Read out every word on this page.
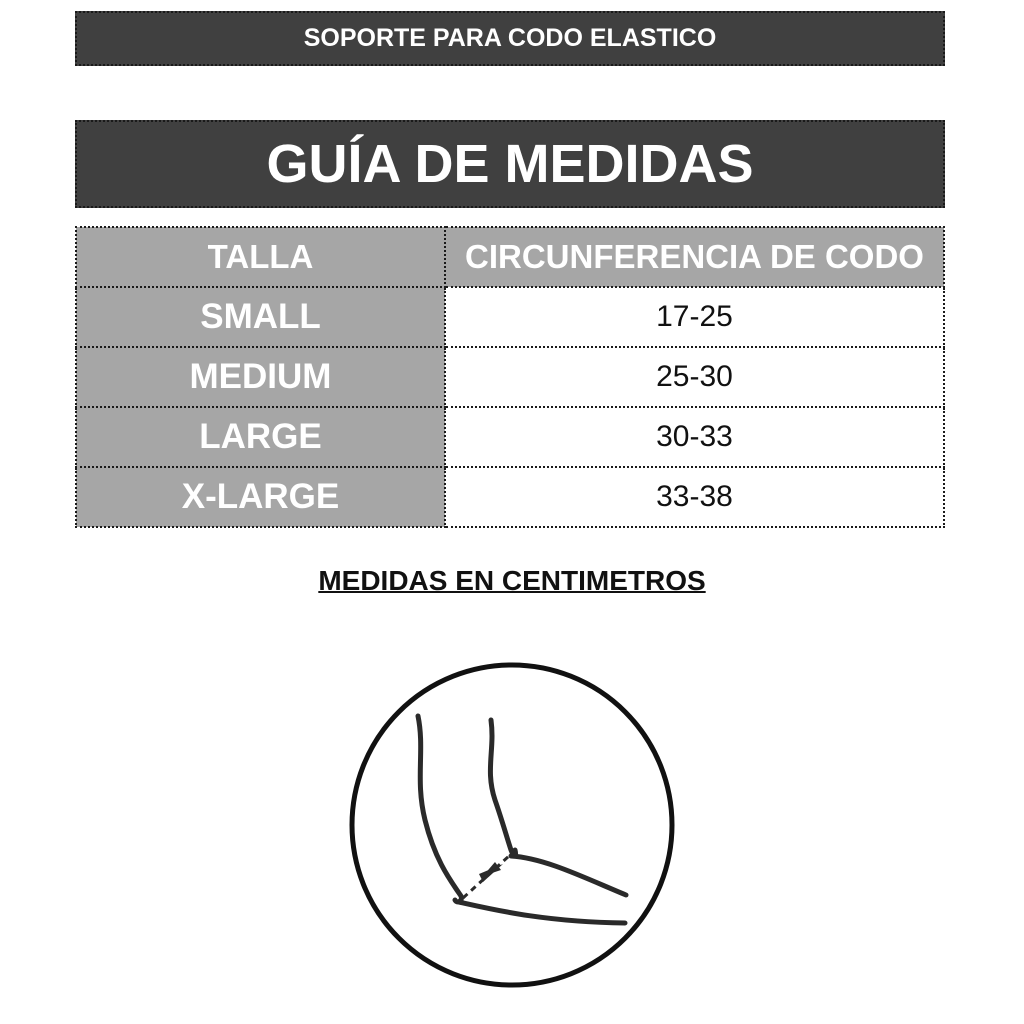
SOPORTE PARA CODO ELASTICO
GUÍA DE MEDIDAS
TALLA	CIRCUNFERENCIA DE CODO
SMALL	17-25
MEDIUM	25-30
LARGE	30-33
X-LARGE	33-38
MEDIDAS EN CENTIMETROS
